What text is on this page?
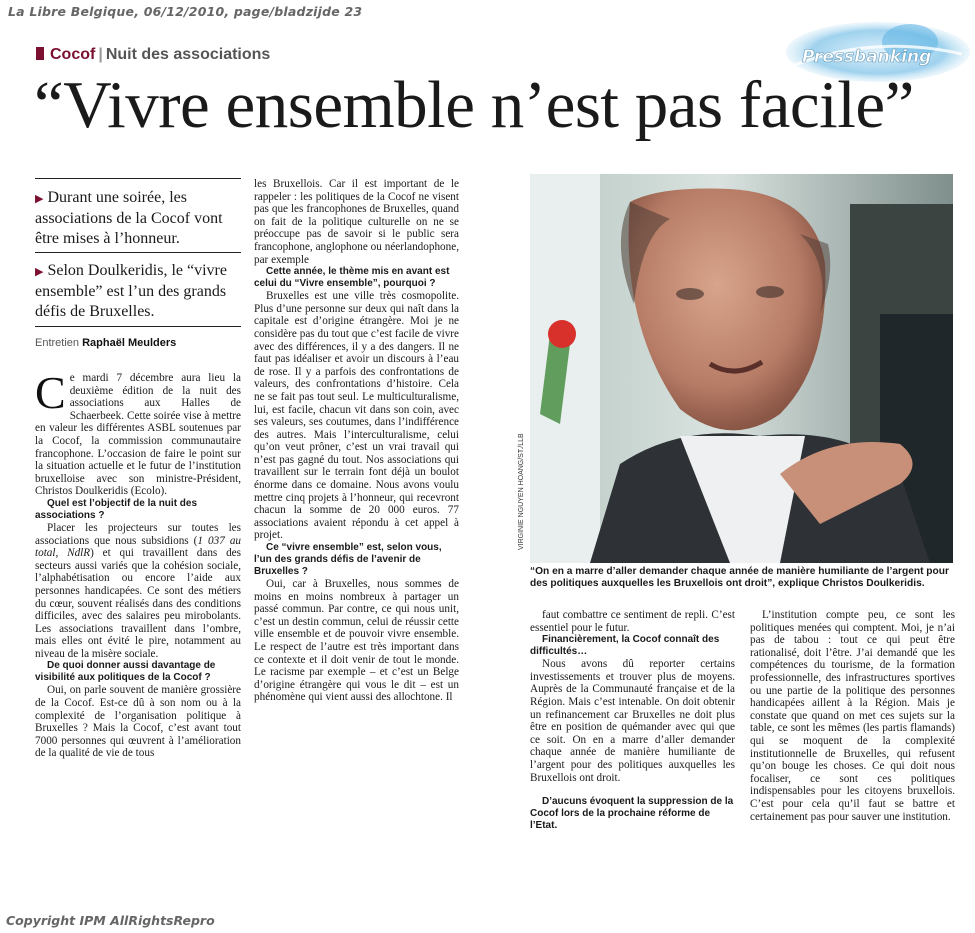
La Libre Belgique, 06/12/2010, page/bladzijde 23
Pressbanking
Cocof | Nuit des associations
“Vivre ensemble n’est pas facile”
▶ Durant une soirée, les associations de la Cocof vont être mises à l’honneur.
▶ Selon Doulkeridis, le “vivre ensemble” est l’un des grands défis de Bruxelles.
Entretien Raphaël Meulders

Ce mardi 7 décembre aura lieu la deuxième édition de la nuit des associations aux Halles de Schaerbeek. Cette soirée vise à mettre en valeur les différentes ASBL soutenues par la Cocof, la commission communautaire francophone. L’occasion de faire le point sur la situation actuelle et le futur de l’institution bruxelloise avec son ministre-Président, Christos Doulkeridis (Ecolo).

Quel est l’objectif de la nuit des associations ?

Placer les projecteurs sur toutes les associations que nous subsidions (1 037 au total, NdlR) et qui travaillent dans des secteurs aussi variés que la cohésion sociale, l’alphabétisation ou encore l’aide aux personnes handicapées. Ce sont des métiers du cœur, souvent réalisés dans des conditions difficiles, avec des salaires peu mirobolants. Les associations travaillent dans l’ombre, mais elles ont évité le pire, notamment au niveau de la misère sociale.

De quoi donner aussi davantage de visibilité aux politiques de la Cocof ?

Oui, on parle souvent de manière grossière de la Cocof. Est-ce dû à son nom ou à la complexité de l’organisation politique à Bruxelles ? Mais la Cocof, c’est avant tout 7000 personnes qui œuvrent à l’amélioration de la qualité de vie de tous

les Bruxellois. Car il est important de le rappeler : les politiques de la Cocof ne visent pas que les francophones de Bruxelles, quand on fait de la politique culturelle on ne se préoccupe pas de savoir si le public sera francophone, anglophone ou néerlandophone, par exemple

Cette année, le thème mis en avant est celui du “Vivre ensemble”, pourquoi ?

Bruxelles est une ville très cosmopolite. Plus d’une personne sur deux qui naît dans la capitale est d’origine étrangère. Moi je ne considère pas du tout que c’est facile de vivre avec des différences, il y a des dangers. Il ne faut pas idéaliser et avoir un discours à l’eau de rose. Il y a parfois des confrontations de valeurs, des confrontations d’histoire. Cela ne se fait pas tout seul. Le multiculturalisme, lui, est facile, chacun vit dans son coin, avec ses valeurs, ses coutumes, dans l’indifférence des autres. Mais l’interculturalisme, celui qu’on veut prôner, c’est un vrai travail qui n’est pas gagné du tout. Nos associations qui travaillent sur le terrain font déjà un boulot énorme dans ce domaine. Nous avons voulu mettre cinq projets à l’honneur, qui recevront chacun la somme de 20 000 euros. 77 associations avaient répondu à cet appel à projet.

Ce “vivre ensemble” est, selon vous, l’un des grands défis de l’avenir de Bruxelles ?

Oui, car à Bruxelles, nous sommes de moins en moins nombreux à partager un passé commun. Par contre, ce qui nous unit, c’est un destin commun, celui de réussir cette ville ensemble et de pouvoir vivre ensemble. Le respect de l’autre est très important dans ce contexte et il doit venir de tout le monde. Le racisme par exemple – et c’est un Belge d’origine étrangère qui vous le dit – est un phénomène qui vient aussi des allochtone. Il

VIRGINIE NGUYEN HOANG/ST./LLB
“On en a marre d’aller demander chaque année de manière humiliante de l’argent pour des politiques auxquelles les Bruxellois ont droit”, explique Christos Doulkeridis.

faut combattre ce sentiment de repli. C’est essentiel pour le futur.

Financièrement, la Cocof connaît des difficultés…

Nous avons dû reporter certains investissements et trouver plus de moyens. Auprès de la Communauté française et de la Région. Mais c’est intenable. On doit obtenir un refinancement car Bruxelles ne doit plus être en position de quémander avec qui que ce soit. On en a marre d’aller demander chaque année de manière humiliante de l’argent pour des politiques auxquelles les Bruxellois ont droit.

D’aucuns évoquent la suppression de la Cocof lors de la prochaine réforme de l’Etat.

L’institution compte peu, ce sont les politiques menées qui comptent. Moi, je n’ai pas de tabou : tout ce qui peut être rationalisé, doit l’être. J’ai demandé que les compétences du tourisme, de la formation professionnelle, des infrastructures sportives ou une partie de la politique des personnes handicapées aillent à la Région. Mais je constate que quand on met ces sujets sur la table, ce sont les mêmes (les partis flamands) qui se moquent de la complexité institutionnelle de Bruxelles, qui refusent qu’on bouge les choses. Ce qui doit nous focaliser, ce sont ces politiques indispensables pour les citoyens bruxellois. C’est pour cela qu’il faut se battre et certainement pas pour sauver une institution.

Copyright IPM AllRightsRepro
